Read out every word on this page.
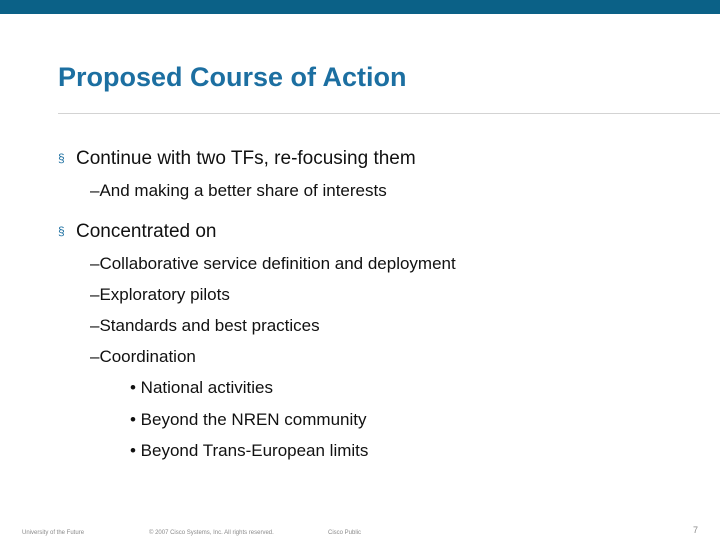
Proposed Course of Action
§ Continue with two TFs, re-focusing them
–And making a better share of interests
§ Concentrated on
–Collaborative service definition and deployment
–Exploratory pilots
–Standards and best practices
–Coordination
• National activities
• Beyond the NREN community
• Beyond Trans-European limits
University of the Future	© 2007 Cisco Systems, Inc. All rights reserved.	Cisco Public	7
